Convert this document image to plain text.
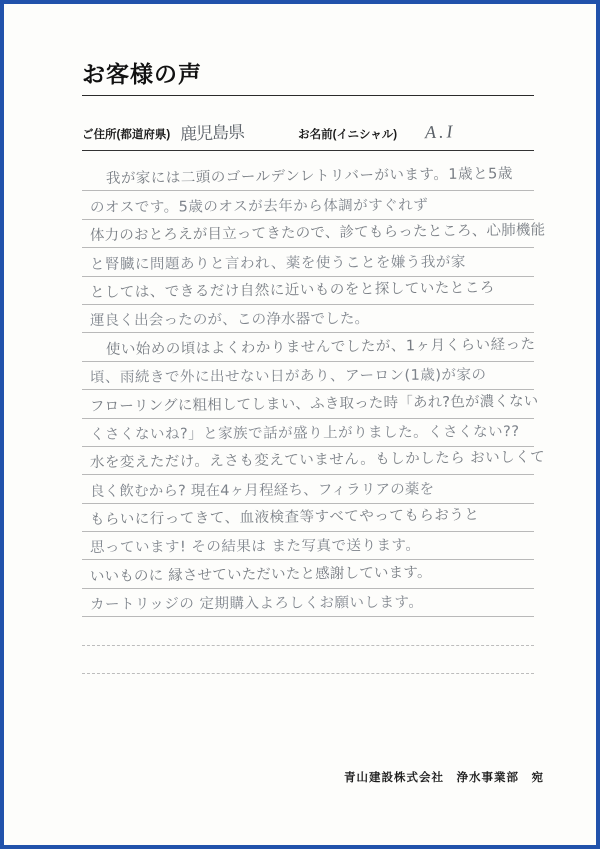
お客様の声
ご住所(都道府県) 鹿児島県	お名前(イニシャル)	A.I
我が家には二頭のゴールデンレトリバーがいます。1歳と5歳
のオスです。5歳のオスが去年から体調がすぐれず
体力のおとろえが目立ってきたので、診てもらったところ、心肺機能
と腎臓に問題ありと言われ、薬を使うことを嫌う我が家
としては、できるだけ自然に近いものをと探していたところ
運良く出会ったのが、この浄水器でした。
使い始めの頃はよくわかりませんでしたが、1ヶ月くらい経った
頃、雨続きで外に出せない日があり、アーロン(1歳)が家の
フローリングに粗相してしまい、ふき取った時「あれ?色が濃くない
くさくないね?」と家族で話が盛り上がりました。くさくない??
水を変えただけ。えさも変えていません。もしかしたら おいしくて
良く飲むから? 現在4ヶ月程経ち、フィラリアの薬を
もらいに行ってきて、血液検査等すべてやってもらおうと
思っています! その結果は また写真で送ります。
いいものに 縁させていただいたと感謝しています。
カートリッジの 定期購入よろしくお願いします。
青山建設株式会社　浄水事業部　宛
